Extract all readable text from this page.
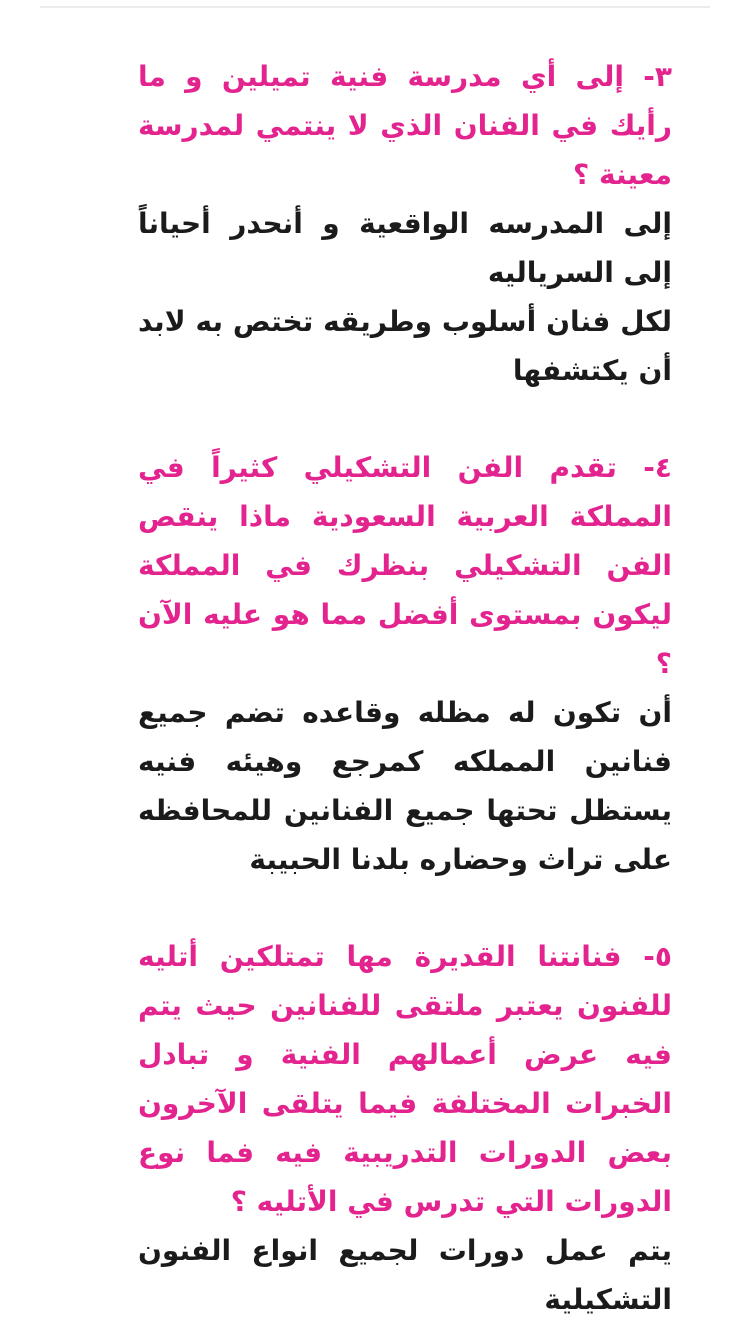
٣- إلى أي مدرسة فنية تميلين و ما رأيك في الفنان الذي لا ينتمي لمدرسة معينة ؟

إلى المدرسه الواقعية و أنحدر أحياناً إلى السرياليه

لكل فنان أسلوب وطريقه تختص به لابد أن يكتشفها

٤- تقدم الفن التشكيلي كثيراً في المملكة العربية السعودية ماذا ينقص الفن التشكيلي بنظرك في المملكة ليكون بمستوى أفضل مما هو عليه الآن ؟

أن تكون له مظله وقاعده تضم جميع فنانين المملكه كمرجع وهيئه فنيه يستظل تحتها جميع الفنانين للمحافظه على تراث وحضاره بلدنا الحبيبة

٥- فنانتنا القديرة مها تمتلكين أتليه للفنون يعتبر ملتقى للفنانين حيث يتم فيه عرض أعمالهم الفنية و تبادل الخبرات المختلفة فيما يتلقى الآخرون بعض الدورات التدريبية فيه فما نوع الدورات التي تدرس في الأتليه ؟

يتم عمل دورات لجميع انواع الفنون التشكيلية
